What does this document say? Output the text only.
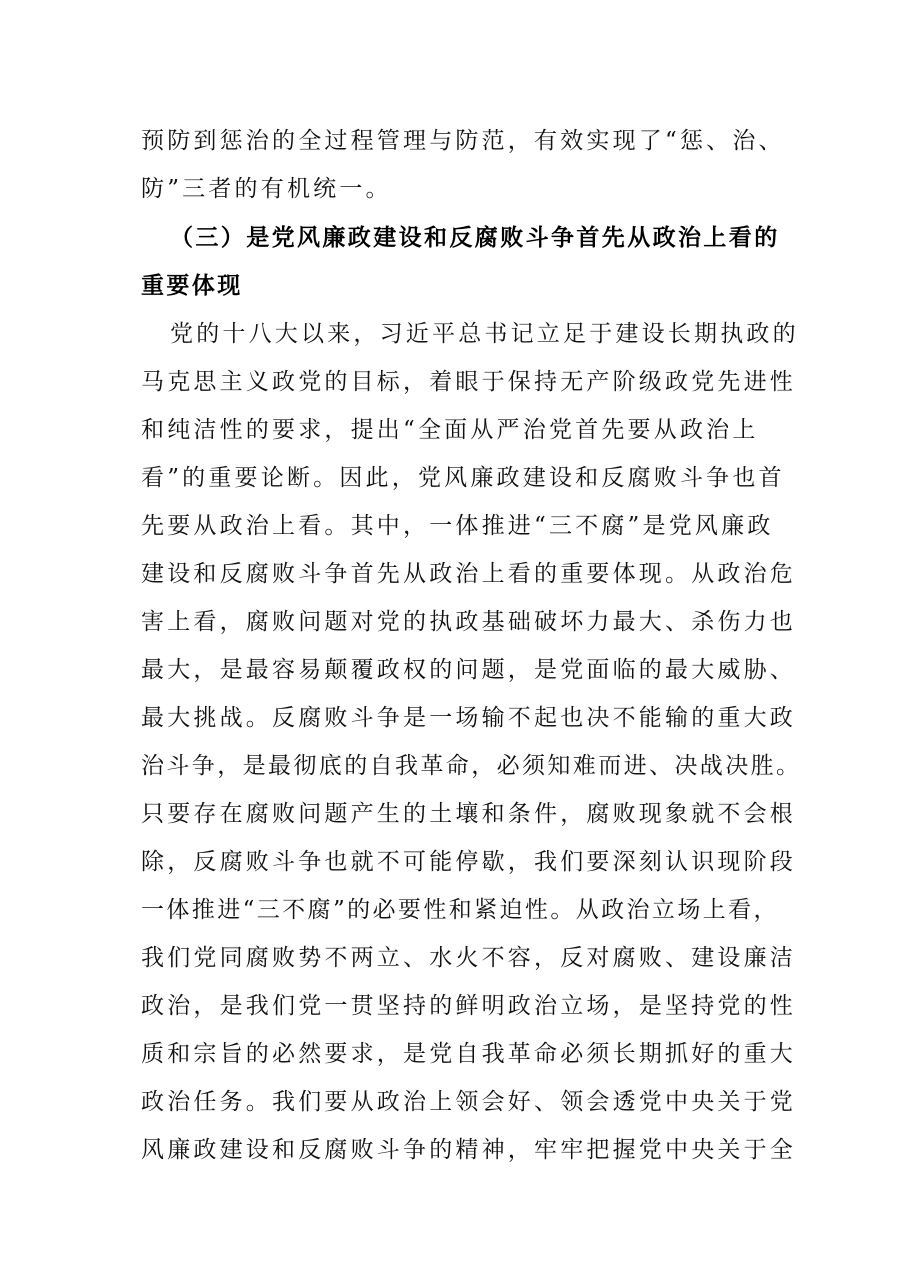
预防到惩治的全过程管理与防范，有效实现了“惩、治、
防”三者的有机统一。
（三）是党风廉政建设和反腐败斗争首先从政治上看的
重要体现
党的十八大以来，习近平总书记立足于建设长期执政的
马克思主义政党的目标，着眼于保持无产阶级政党先进性
和纯洁性的要求，提出“全面从严治党首先要从政治上
看”的重要论断。因此，党风廉政建设和反腐败斗争也首
先要从政治上看。其中，一体推进“三不腐”是党风廉政
建设和反腐败斗争首先从政治上看的重要体现。从政治危
害上看，腐败问题对党的执政基础破坏力最大、杀伤力也
最大，是最容易颠覆政权的问题，是党面临的最大威胁、
最大挑战。反腐败斗争是一场输不起也决不能输的重大政
治斗争，是最彻底的自我革命，必须知难而进、决战决胜。
只要存在腐败问题产生的土壤和条件，腐败现象就不会根
除，反腐败斗争也就不可能停歇，我们要深刻认识现阶段
一体推进“三不腐”的必要性和紧迫性。从政治立场上看，
我们党同腐败势不两立、水火不容，反对腐败、建设廉洁
政治，是我们党一贯坚持的鲜明政治立场，是坚持党的性
质和宗旨的必然要求，是党自我革命必须长期抓好的重大
政治任务。我们要从政治上领会好、领会透党中央关于党
风廉政建设和反腐败斗争的精神，牢牢把握党中央关于全
